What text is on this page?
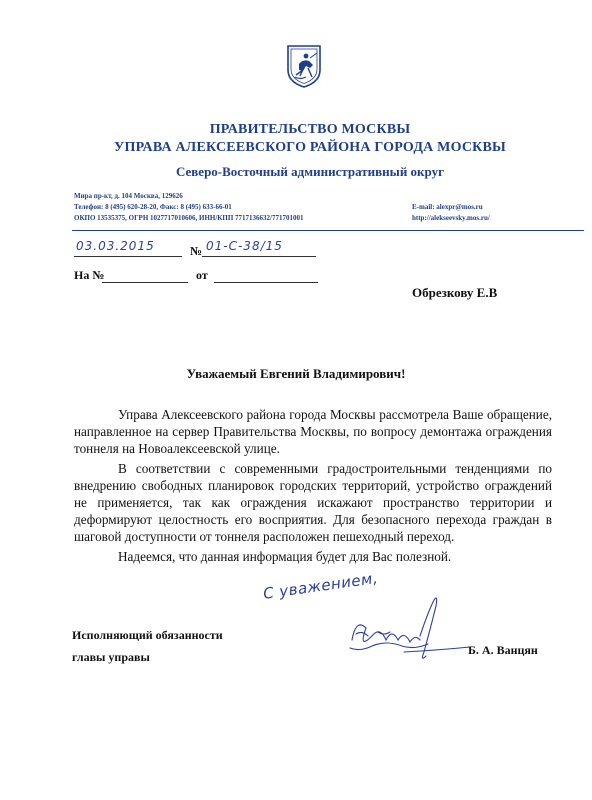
ПРАВИТЕЛЬСТВО МОСКВЫ
УПРАВА АЛЕКСЕЕВСКОГО РАЙОНА ГОРОДА МОСКВЫ
Северо-Восточный административный округ
Мира пр-кт, д. 104 Москва, 129626
Телефон: 8 (495) 620-28-20, Факс: 8 (495) 633-66-01
ОКПО 13535375, ОГРН 1027717010606, ИНН/КПП 7717136632/771701001
E-mail: alexpr@mos.ru
http://alekseevsky.mos.ru/
03.03.2015	№ 01-С-38/15
На №	от
Обрезкову Е.В
Уважаемый Евгений Владимирович!

Управа Алексеевского района города Москвы рассмотрела Ваше обращение, направленное на сервер Правительства Москвы, по вопросу демонтажа ограждения тоннеля на Новоалексеевской улице.

В соответствии с современными градостроительными тенденциями по внедрению свободных планировок городских территорий, устройство ограждений не применяется, так как ограждения искажают пространство территории и деформируют целостность его восприятия. Для безопасного перехода граждан в шаговой доступности от тоннеля расположен пешеходный переход.

Надеемся, что данная информация будет для Вас полезной.

С уважением,
Исполняющий обязанности
главы управы	Б. А. Ванцян
